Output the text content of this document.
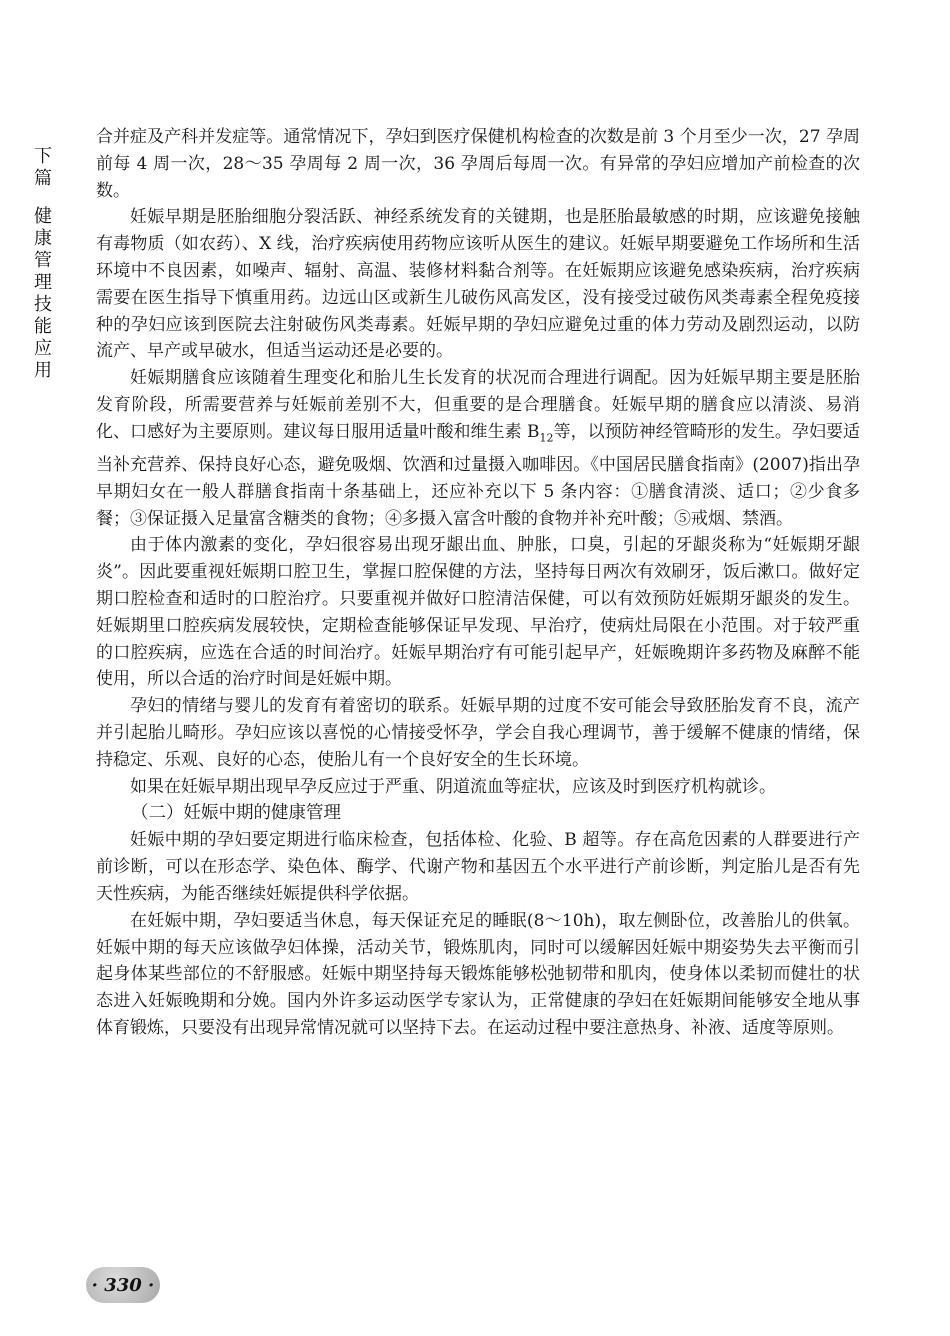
下篇
健康管理技能应用

合并症及产科并发症等。通常情况下，孕妇到医疗保健机构检查的次数是前 3 个月至少一次，27 孕周前每 4 周一次，28～35 孕周每 2 周一次，36 孕周后每周一次。有异常的孕妇应增加产前检查的次数。

妊娠早期是胚胎细胞分裂活跃、神经系统发育的关键期，也是胚胎最敏感的时期，应该避免接触有毒物质（如农药）、X 线，治疗疾病使用药物应该听从医生的建议。妊娠早期要避免工作场所和生活环境中不良因素，如噪声、辐射、高温、装修材料黏合剂等。在妊娠期应该避免感染疾病，治疗疾病需要在医生指导下慎重用药。边远山区或新生儿破伤风高发区，没有接受过破伤风类毒素全程免疫接种的孕妇应该到医院去注射破伤风类毒素。妊娠早期的孕妇应避免过重的体力劳动及剧烈运动，以防流产、早产或早破水，但适当运动还是必要的。

妊娠期膳食应该随着生理变化和胎儿生长发育的状况而合理进行调配。因为妊娠早期主要是胚胎发育阶段，所需要营养与妊娠前差别不大，但重要的是合理膳食。妊娠早期的膳食应以清淡、易消化、口感好为主要原则。建议每日服用适量叶酸和维生素 $B_{12}$等，以预防神经管畸形的发生。孕妇要适当补充营养、保持良好心态，避免吸烟、饮酒和过量摄入咖啡因。《中国居民膳食指南》(2007)指出孕早期妇女在一般人群膳食指南十条基础上，还应补充以下 5 条内容：①膳食清淡、适口；②少食多餐；③保证摄入足量富含糖类的食物；④多摄入富含叶酸的食物并补充叶酸；⑤戒烟、禁酒。

由于体内激素的变化，孕妇很容易出现牙龈出血、肿胀，口臭，引起的牙龈炎称为“妊娠期牙龈炎”。因此要重视妊娠期口腔卫生，掌握口腔保健的方法，坚持每日两次有效刷牙，饭后漱口。做好定期口腔检查和适时的口腔治疗。只要重视并做好口腔清洁保健，可以有效预防妊娠期牙龈炎的发生。妊娠期里口腔疾病发展较快，定期检查能够保证早发现、早治疗，使病灶局限在小范围。对于较严重的口腔疾病，应选在合适的时间治疗。妊娠早期治疗有可能引起早产，妊娠晚期许多药物及麻醉不能使用，所以合适的治疗时间是妊娠中期。

孕妇的情绪与婴儿的发育有着密切的联系。妊娠早期的过度不安可能会导致胚胎发育不良，流产并引起胎儿畸形。孕妇应该以喜悦的心情接受怀孕，学会自我心理调节，善于缓解不健康的情绪，保持稳定、乐观、良好的心态，使胎儿有一个良好安全的生长环境。

如果在妊娠早期出现早孕反应过于严重、阴道流血等症状，应该及时到医疗机构就诊。

（二）妊娠中期的健康管理

妊娠中期的孕妇要定期进行临床检查，包括体检、化验、B 超等。存在高危因素的人群要进行产前诊断，可以在形态学、染色体、酶学、代谢产物和基因五个水平进行产前诊断，判定胎儿是否有先天性疾病，为能否继续妊娠提供科学依据。

在妊娠中期，孕妇要适当休息，每天保证充足的睡眠(8～10h)，取左侧卧位，改善胎儿的供氧。妊娠中期的每天应该做孕妇体操，活动关节，锻炼肌肉，同时可以缓解因妊娠中期姿势失去平衡而引起身体某些部位的不舒服感。妊娠中期坚持每天锻炼能够松弛韧带和肌肉，使身体以柔韧而健壮的状态进入妊娠晚期和分娩。国内外许多运动医学专家认为，正常健康的孕妇在妊娠期间能够安全地从事体育锻炼，只要没有出现异常情况就可以坚持下去。在运动过程中要注意热身、补液、适度等原则。

· 330 ·
